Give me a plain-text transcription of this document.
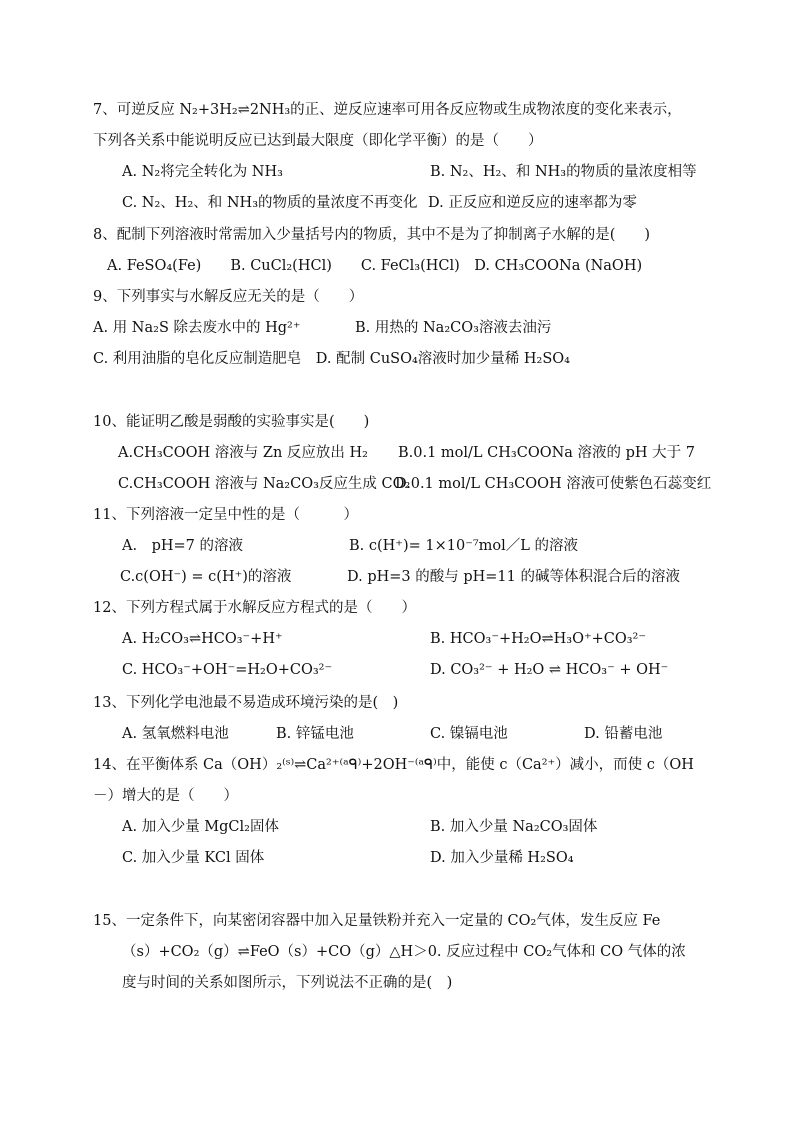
7、可逆反应 N₂+3H₂⇌2NH₃的正、逆反应速率可用各反应物或生成物浓度的变化来表示，
下列各关系中能说明反应已达到最大限度（即化学平衡）的是（　　）
A. N₂将完全转化为 NH₃	B. N₂、H₂、和 NH₃的物质的量浓度相等
C. N₂、H₂、和 NH₃的物质的量浓度不再变化 D. 正反应和逆反应的速率都为零
8、配制下列溶液时常需加入少量括号内的物质，其中不是为了抑制离子水解的是(　　)
A. FeSO₄(Fe)　　B. CuCl₂(HCl)　　C. FeCl₃(HCl)　D. CH₃COONa (NaOH)
9、下列事实与水解反应无关的是（　　）
A. 用 Na₂S 除去废水中的 Hg²⁺	B. 用热的 Na₂CO₃溶液去油污
C. 利用油脂的皂化反应制造肥皂　D. 配制 CuSO₄溶液时加少量稀 H₂SO₄
10、能证明乙酸是弱酸的实验事实是(　　)
A.CH₃COOH 溶液与 Zn 反应放出 H₂ B.0.1 mol/L CH₃COONa 溶液的 pH 大于 7
C.CH₃COOH 溶液与 Na₂CO₃反应生成 CO₂
D.0.1 mol/L CH₃COOH 溶液可使紫色石蕊变红
11、下列溶液一定呈中性的是（　　　）
A.　pH=7 的溶液	B. c(H⁺)= 1×10⁻⁷mol／L 的溶液
C.c(OH⁻) = c(H⁺)的溶液	D. pH=3 的酸与 pH=11 的碱等体积混合后的溶液
12、下列方程式属于水解反应方程式的是（　　）
A. H₂CO₃⇌HCO₃⁻+H⁺	B. HCO₃⁻+H₂O⇌H₃O⁺+CO₃²⁻
C. HCO₃⁻+OH⁻=H₂O+CO₃²⁻	D. CO₃²⁻ + H₂O ⇌ HCO₃⁻ + OH⁻
13、下列化学电池最不易造成环境污染的是(　)
A. 氢氧燃料电池	B. 锌锰电池	C. 镍镉电池	D. 铅蓄电池
14、在平衡体系 Ca（OH）₂⁽ˢ⁾⇌Ca²⁺⁽ᵃᑫ⁾+2OH⁻⁽ᵃᑫ⁾中，能使 c（Ca²⁺）减小，而使 c（OH
－）增大的是（　　）
A. 加入少量 MgCl₂固体	B. 加入少量 Na₂CO₃固体
C. 加入少量 KCl 固体	D. 加入少量稀 H₂SO₄
15、一定条件下，向某密闭容器中加入足量铁粉并充入一定量的 CO₂气体，发生反应 Fe
（s）+CO₂（g）⇌FeO（s）+CO（g）△H＞0. 反应过程中 CO₂气体和 CO 气体的浓
度与时间的关系如图所示，下列说法不正确的是(　)
